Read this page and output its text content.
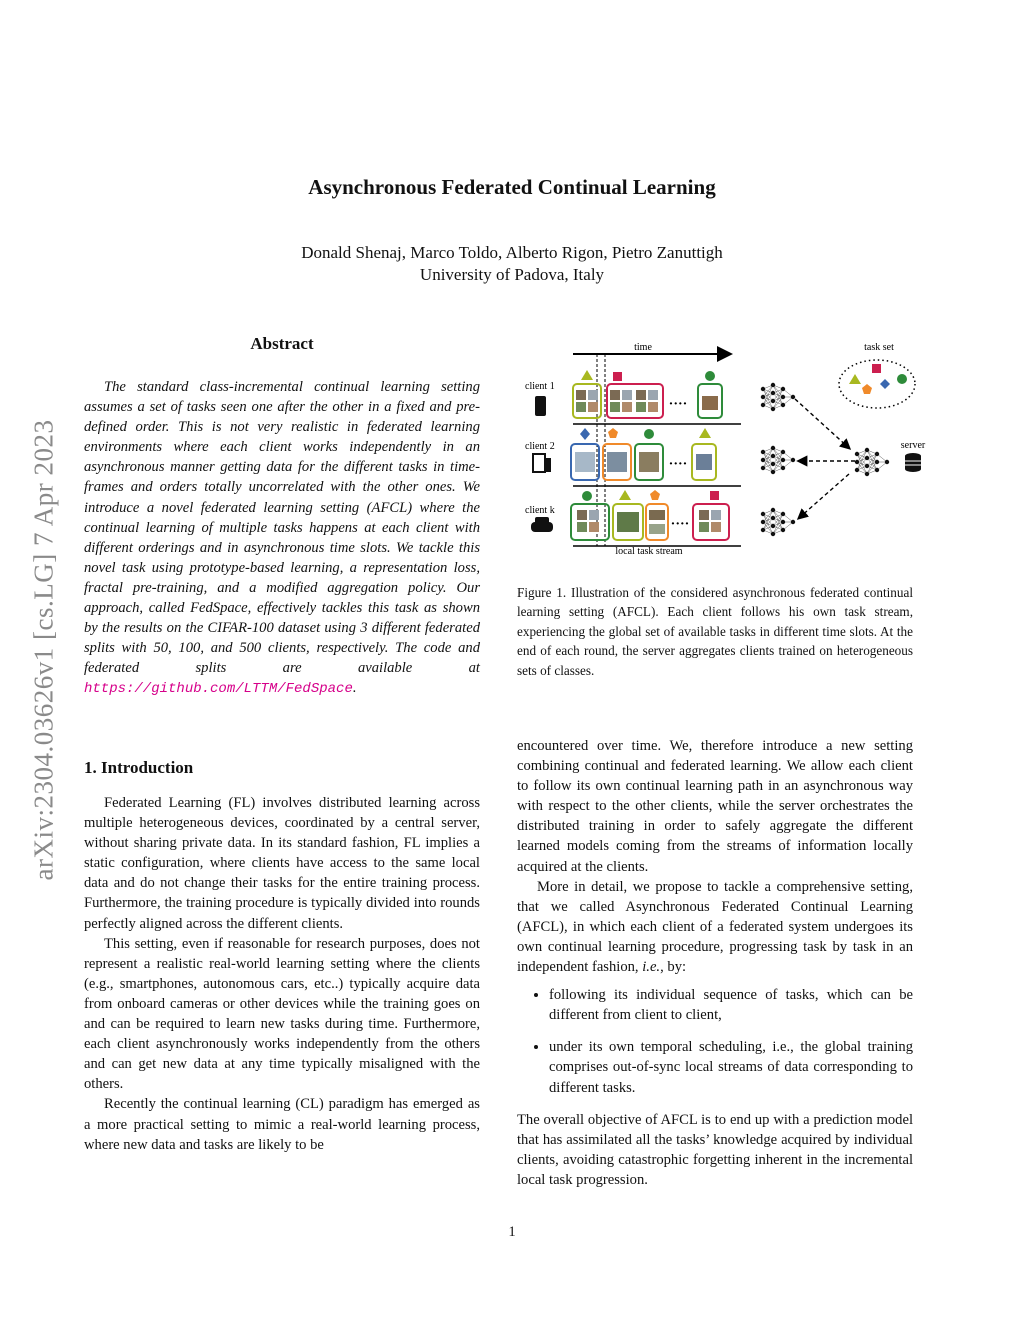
arXiv:2304.03626v1 [cs.LG] 7 Apr 2023
Asynchronous Federated Continual Learning
Donald Shenaj, Marco Toldo, Alberto Rigon, Pietro Zanuttigh
University of Padova, Italy
Abstract

The standard class-incremental continual learning setting assumes a set of tasks seen one after the other in a fixed and pre-defined order. This is not very realistic in federated learning environments where each client works independently in an asynchronous manner getting data for the different tasks in time-frames and orders totally uncorrelated with the other ones. We introduce a novel federated learning setting (AFCL) where the continual learning of multiple tasks happens at each client with different orderings and in asynchronous time slots. We tackle this novel task using prototype-based learning, a representation loss, fractal pre-training, and a modified aggregation policy. Our approach, called FedSpace, effectively tackles this task as shown by the results on the CIFAR-100 dataset using 3 different federated splits with 50, 100, and 500 clients, respectively. The code and federated splits are available at https://github.com/LTTM/FedSpace.

1. Introduction

Federated Learning (FL) involves distributed learning across multiple heterogeneous devices, coordinated by a central server, without sharing private data. In its standard fashion, FL implies a static configuration, where clients have access to the same local data and do not change their tasks for the entire training process. Furthermore, the training procedure is typically divided into rounds perfectly aligned across the different clients.

This setting, even if reasonable for research purposes, does not represent a realistic real-world learning setting where the clients (e.g., smartphones, autonomous cars, etc..) typically acquire data from onboard cameras or other devices while the training goes on and can be required to learn new tasks during time. Furthermore, each client asynchronously works independently from the others and can get new data at any time typically misaligned with the others.

Recently the continual learning (CL) paradigm has emerged as a more practical setting to mimic a real-world learning process, where new data and tasks are likely to be

time
client 1
····
client 2
····
client k
····
local task stream
server
task set
Figure 1. Illustration of the considered asynchronous federated continual learning setting (AFCL). Each client follows his own task stream, experiencing the global set of available tasks in different time slots. At the end of each round, the server aggregates clients trained on heterogeneous sets of classes.

encountered over time. We, therefore introduce a new setting combining continual and federated learning. We allow each client to follow its own continual learning path in an asynchronous way with respect to the other clients, while the server orchestrates the distributed training in order to safely aggregate the different learned models coming from the streams of information locally acquired at the clients.

More in detail, we propose to tackle a comprehensive setting, that we called Asynchronous Federated Continual Learning (AFCL), in which each client of a federated system undergoes its own continual learning procedure, progressing task by task in an independent fashion, i.e., by:

• following its individual sequence of tasks, which can be different from client to client,
• under its own temporal scheduling, i.e., the global training comprises out-of-sync local streams of data corresponding to different tasks.

The overall objective of AFCL is to end up with a prediction model that has assimilated all the tasks’ knowledge acquired by individual clients, avoiding catastrophic forgetting inherent in the incremental local task progression.

1
